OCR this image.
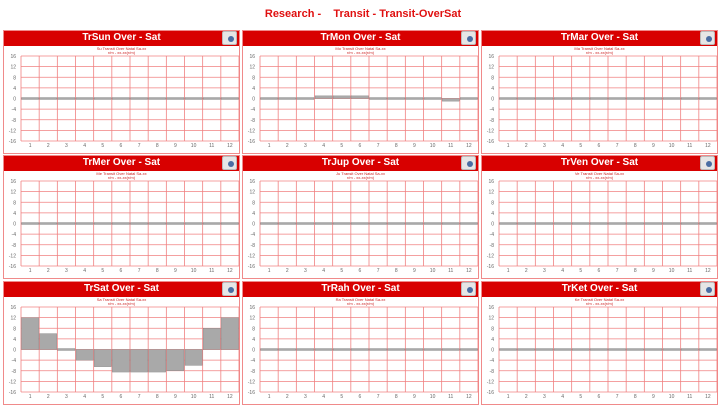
Research -    Transit - Transit-OverSat
TrSun Over - Sat
Su Transit Over Natal Sa-xx
r/m - xx-xx(r/m)
16
12
8
4
0
-4
-8
-12
-16
1	2	3	4	5	6	7	8	9	10	11	12
TrMon Over - Sat
Mo Transit Over Natal Sa-xx
r/m - xx-xx(r/m)
16
12
8
4
0
-4
-8
-12
-16
1	2	3	4	5	6	7	8	9	10	11	12
TrMar Over - Sat
Ma Transit Over Natal Sa-xx
r/m - xx-xx(r/m)
16
12
8
4
0
-4
-8
-12
-16
1	2	3	4	5	6	7	8	9	10	11	12
TrMer Over - Sat
Me Transit Over Natal Sa-xx
r/m - xx-xx(r/m)
16
12
8
4
0
-4
-8
-12
-16
1	2	3	4	5	6	7	8	9	10	11	12
TrJup Over - Sat
Ju Transit Over Natal Sa-xx
r/m - xx-xx(r/m)
16
12
8
4
0
-4
-8
-12
-16
1	2	3	4	5	6	7	8	9	10	11	12
TrVen Over - Sat
Ve Transit Over Natal Sa-xx
r/m - xx-xx(r/m)
16
12
8
4
0
-4
-8
-12
-16
1	2	3	4	5	6	7	8	9	10	11	12
TrSat Over - Sat
Sa Transit Over Natal Sa-xx
r/m - xx-xx(r/m)
16
12
8
4
0
-4
-8
-12
-16
1	2	3	4	5	6	7	8	9	10	11	12
TrRah Over - Sat
Ra Transit Over Natal Sa-xx
r/m - xx-xx(r/m)
16
12
8
4
0
-4
-8
-12
-16
1	2	3	4	5	6	7	8	9	10	11	12
TrKet Over - Sat
Ke Transit Over Natal Sa-xx
r/m - xx-xx(r/m)
16
12
8
4
0
-4
-8
-12
-16
1	2	3	4	5	6	7	8	9	10	11	12
